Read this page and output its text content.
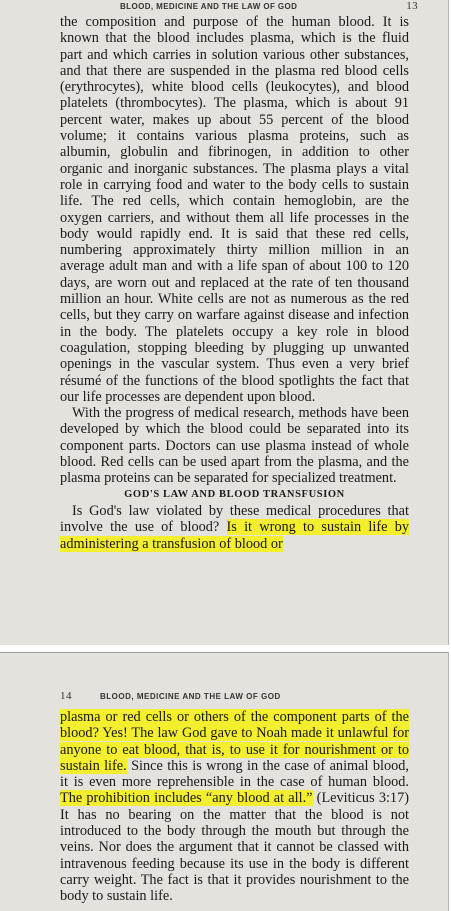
BLOOD, MEDICINE AND THE LAW OF GOD	13

the composition and purpose of the human blood. It is known that the blood includes plasma, which is the fluid part and which carries in solution various other substances, and that there are suspended in the plasma red blood cells (erythrocytes), white blood cells (leukocytes), and blood platelets (thrombocytes). The plasma, which is about 91 percent water, makes up about 55 percent of the blood volume; it contains various plasma proteins, such as albumin, globulin and fibrinogen, in addition to other organic and inorganic substances. The plasma plays a vital role in carrying food and water to the body cells to sustain life. The red cells, which contain hemoglobin, are the oxygen carriers, and without them all life processes in the body would rapidly end. It is said that these red cells, numbering approximately thirty million million in an average adult man and with a life span of about 100 to 120 days, are worn out and replaced at the rate of ten thousand million an hour. White cells are not as numerous as the red cells, but they carry on warfare against disease and infection in the body. The platelets occupy a key role in blood coagulation, stopping bleeding by plugging up unwanted openings in the vascular system. Thus even a very brief résumé of the functions of the blood spotlights the fact that our life processes are dependent upon blood.

With the progress of medical research, methods have been developed by which the blood could be separated into its component parts. Doctors can use plasma instead of whole blood. Red cells can be used apart from the plasma, and the plasma proteins can be separated for specialized treatment.

GOD'S LAW AND BLOOD TRANSFUSION

Is God's law violated by these medical procedures that involve the use of blood? Is it wrong to sustain life by administering a transfusion of blood or

14	BLOOD, MEDICINE AND THE LAW OF GOD

plasma or red cells or others of the component parts of the blood? Yes! The law God gave to Noah made it unlawful for anyone to eat blood, that is, to use it for nourishment or to sustain life. Since this is wrong in the case of animal blood, it is even more reprehensible in the case of human blood. The prohibition includes “any blood at all.” (Leviticus 3:17) It has no bearing on the matter that the blood is not introduced to the body through the mouth but through the veins. Nor does the argument that it cannot be classed with intravenous feeding because its use in the body is different carry weight. The fact is that it provides nourishment to the body to sustain life.
